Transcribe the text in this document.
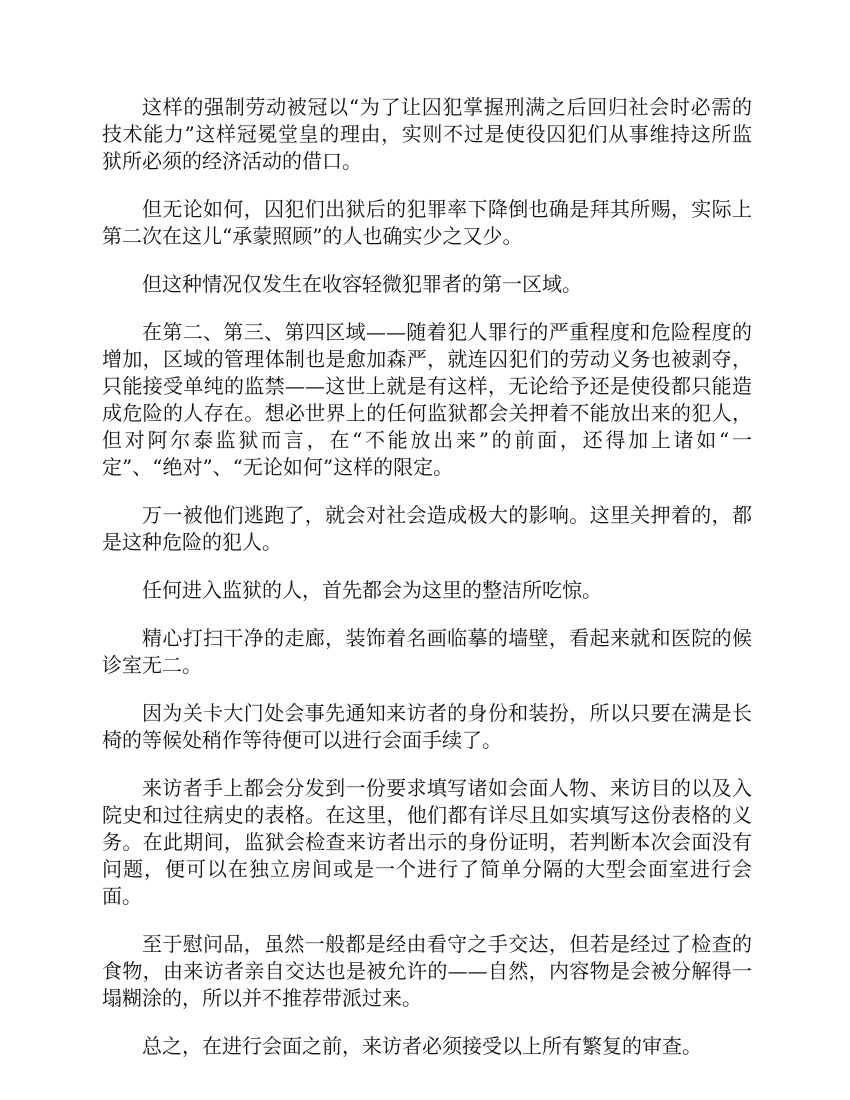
这样的强制劳动被冠以“为了让囚犯掌握刑满之后回归社会时必需的技术能力”这样冠冕堂皇的理由，实则不过是使役囚犯们从事维持这所监狱所必须的经济活动的借口。

但无论如何，囚犯们出狱后的犯罪率下降倒也确是拜其所赐，实际上第二次在这儿“承蒙照顾”的人也确实少之又少。

但这种情况仅发生在收容轻微犯罪者的第一区域。

在第二、第三、第四区域——随着犯人罪行的严重程度和危险程度的增加，区域的管理体制也是愈加森严，就连囚犯们的劳动义务也被剥夺，只能接受单纯的监禁——这世上就是有这样，无论给予还是使役都只能造成危险的人存在。想必世界上的任何监狱都会关押着不能放出来的犯人，但对阿尔泰监狱而言，在“不能放出来”的前面，还得加上诸如“一定”、“绝对”、“无论如何”这样的限定。

万一被他们逃跑了，就会对社会造成极大的影响。这里关押着的，都是这种危险的犯人。

任何进入监狱的人，首先都会为这里的整洁所吃惊。

精心打扫干净的走廊，装饰着名画临摹的墙壁，看起来就和医院的候诊室无二。

因为关卡大门处会事先通知来访者的身份和装扮，所以只要在满是长椅的等候处稍作等待便可以进行会面手续了。

来访者手上都会分发到一份要求填写诸如会面人物、来访目的以及入院史和过往病史的表格。在这里，他们都有详尽且如实填写这份表格的义务。在此期间，监狱会检查来访者出示的身份证明，若判断本次会面没有问题，便可以在独立房间或是一个进行了简单分隔的大型会面室进行会面。

至于慰问品，虽然一般都是经由看守之手交达，但若是经过了检查的食物，由来访者亲自交达也是被允许的——自然，内容物是会被分解得一塌糊涂的，所以并不推荐带派过来。

总之，在进行会面之前，来访者必须接受以上所有繁复的审查。
